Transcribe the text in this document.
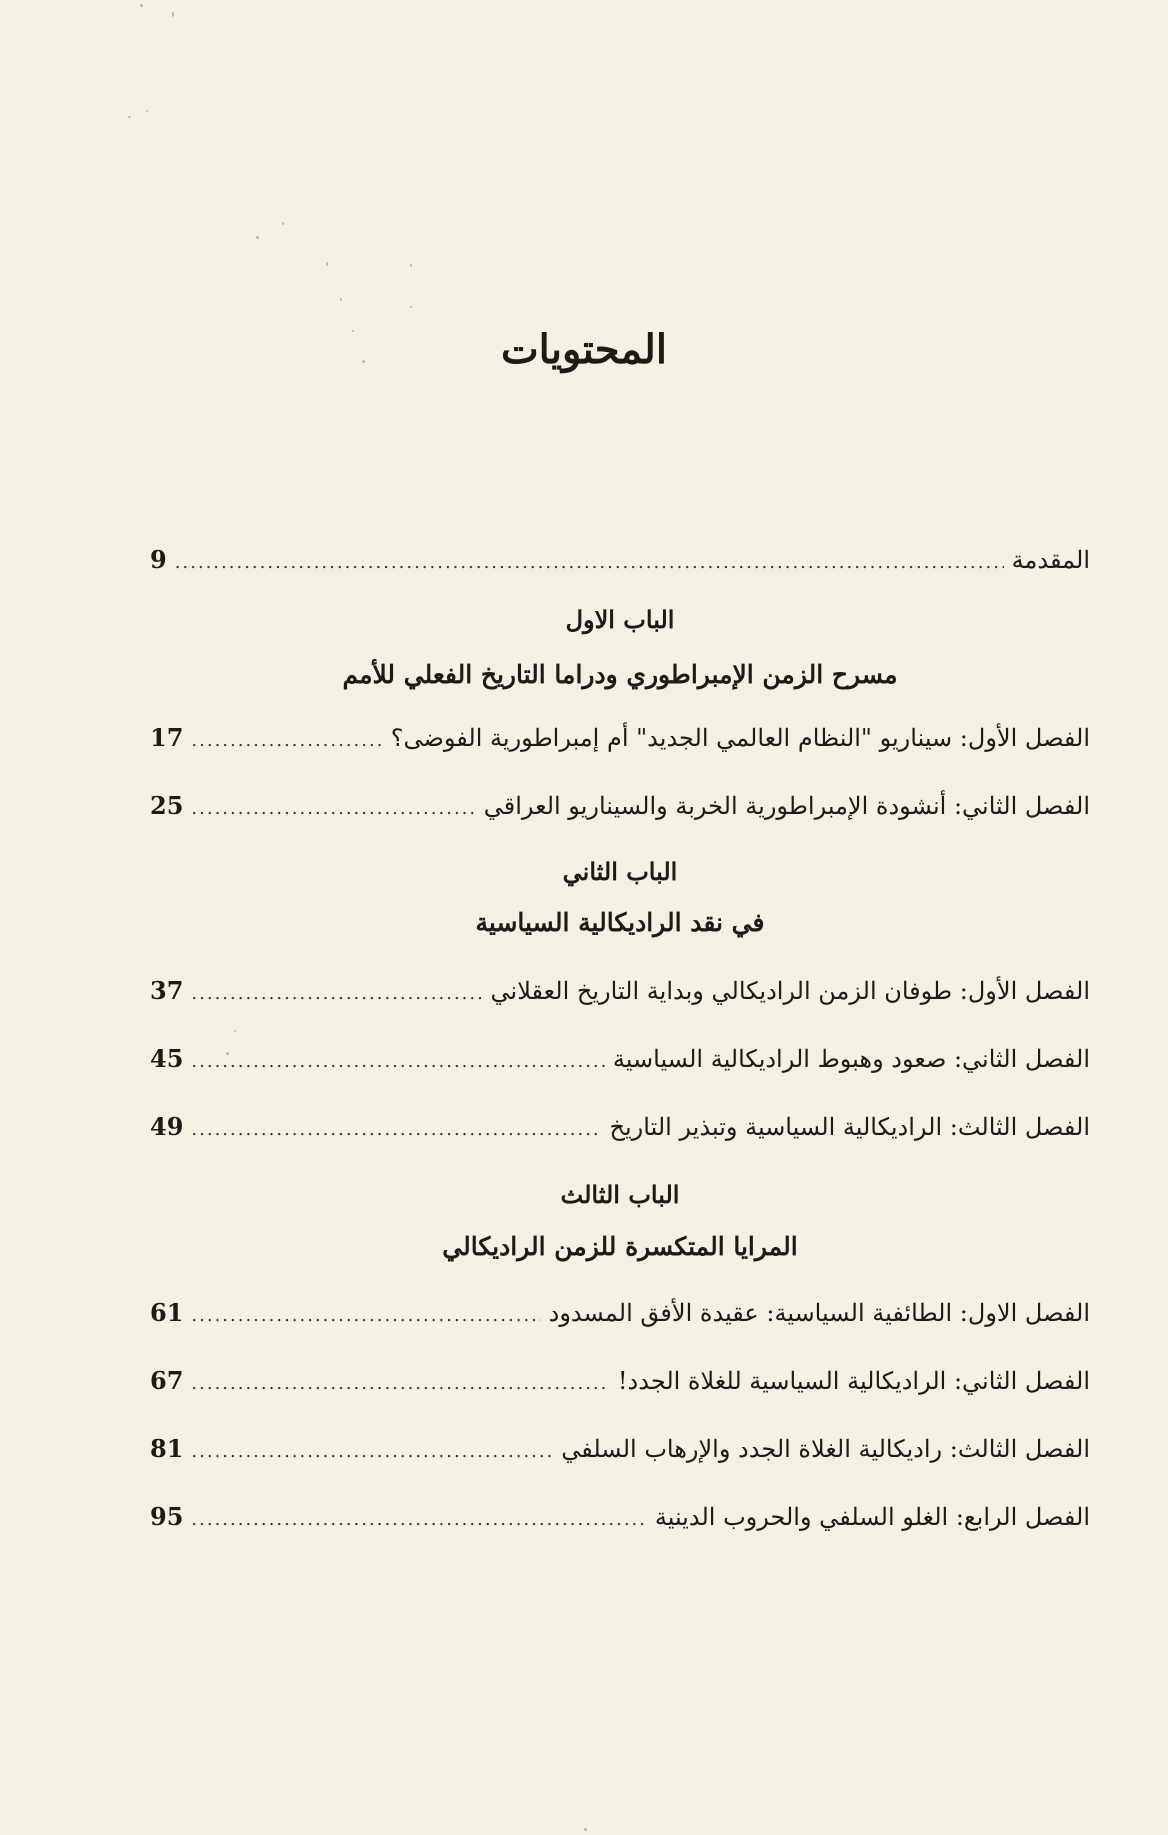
المحتويات
المقدمة
.....
9
الباب الاول
مسرح الزمن الإمبراطوري ودراما التاريخ الفعلي للأمم
الفصل الأول: سيناريو "النظام العالمي الجديد" أم إمبراطورية الفوضى؟
.....
17
الفصل الثاني: أنشودة الإمبراطورية الخربة والسيناريو العراقي
.....
25
الباب الثاني
في نقد الراديكالية السياسية
الفصل الأول: طوفان الزمن الراديكالي وبداية التاريخ العقلاني
.....
37
الفصل الثاني: صعود وهبوط الراديكالية السياسية
.....
45
الفصل الثالث: الراديكالية السياسية وتبذير التاريخ
.....
49
الباب الثالث
المرايا المتكسرة للزمن الراديكالي
الفصل الاول: الطائفية السياسية: عقيدة الأفق المسدود
.....
61
الفصل الثاني: الراديكالية السياسية للغلاة الجدد!
.....
67
الفصل الثالث: راديكالية الغلاة الجدد والإرهاب السلفي
.....
81
الفصل الرابع: الغلو السلفي والحروب الدينية
.....
95
